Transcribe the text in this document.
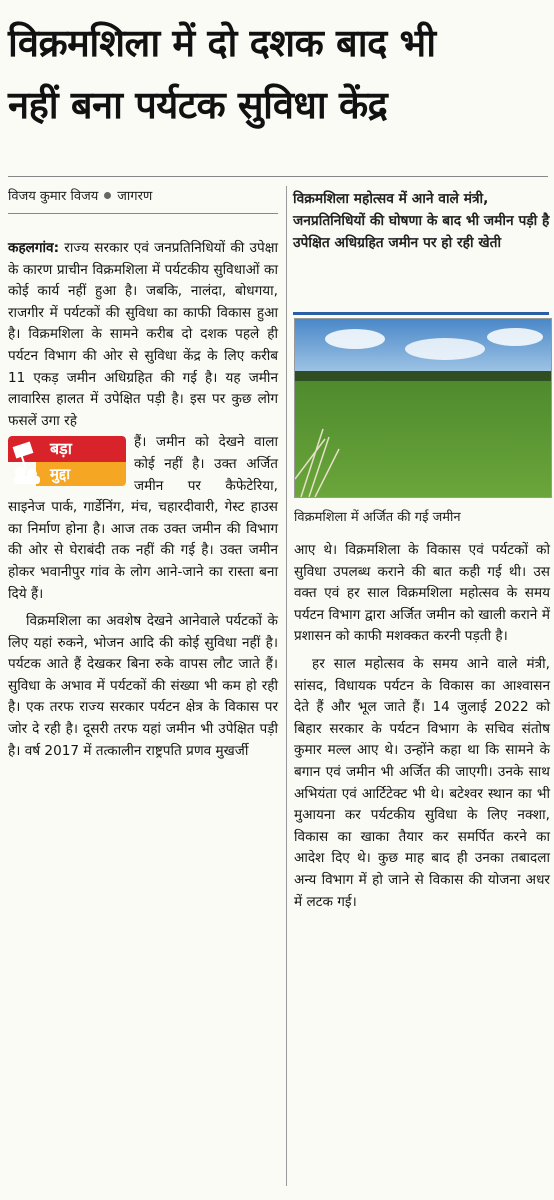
विक्रमशिला में दो दशक बाद भी
नहीं बना पर्यटक सुविधा केंद्र
विजय कुमार विजय जागरण

कहलगांव: राज्य सरकार एवं जनप्रतिनिधियों की उपेक्षा के कारण प्राचीन विक्रमशिला में पर्यटकीय सुविधाओं का कोई कार्य नहीं हुआ है। जबकि, नालंदा, बोधगया, राजगीर में पर्यटकों की सुविधा का काफी विकास हुआ है। विक्रमशिला के सामने करीब दो दशक पहले ही पर्यटन विभाग की ओर से सुविधा केंद्र के लिए करीब 11 एकड़ जमीन अधिग्रहित की गई है। यह जमीन लावारिस हालत में उपेक्षित पड़ी है। इस पर कुछ लोग फसलें उगा रहे

बड़ा
मुद्दा

हैं। जमीन को देखने वाला कोई नहीं है। उक्त अर्जित जमीन पर कैफेटेरिया, साइनेज पार्क, गार्डेनिंग, मंच, चहारदीवारी, गेस्ट हाउस का निर्माण होना है। आज तक उक्त जमीन की विभाग की ओर से घेराबंदी तक नहीं की गई है। उक्त जमीन होकर भवानीपुर गांव के लोग आने-जाने का रास्ता बना दिये हैं।

विक्रमशिला का अवशेष देखने आनेवाले पर्यटकों के लिए यहां रुकने, भोजन आदि की कोई सुविधा नहीं है। पर्यटक आते हैं देखकर बिना रुके वापस लौट जाते हैं। सुविधा के अभाव में पर्यटकों की संख्या भी कम हो रही है। एक तरफ राज्य सरकार पर्यटन क्षेत्र के विकास पर जोर दे रही है। दूसरी तरफ यहां जमीन भी उपेक्षित पड़ी है। वर्ष 2017 में तत्कालीन राष्ट्रपति प्रणव मुखर्जी

विक्रमशिला महोत्सव में आने वाले मंत्री, जनप्रतिनिधियों की घोषणा के बाद भी जमीन पड़ी है उपेक्षित अधिग्रहित जमीन पर हो रही खेती
विक्रमशिला में अर्जित की गई जमीन

आए थे। विक्रमशिला के विकास एवं पर्यटकों को सुविधा उपलब्ध कराने की बात कही गई थी। उस वक्त एवं हर साल विक्रमशिला महोत्सव के समय पर्यटन विभाग द्वारा अर्जित जमीन को खाली कराने में प्रशासन को काफी मशक्कत करनी पड़ती है।

हर साल महोत्सव के समय आने वाले मंत्री, सांसद, विधायक पर्यटन के विकास का आश्वासन देते हैं और भूल जाते हैं। 14 जुलाई 2022 को बिहार सरकार के पर्यटन विभाग के सचिव संतोष कुमार मल्ल आए थे। उन्होंने कहा था कि सामने के बगान एवं जमीन भी अर्जित की जाएगी। उनके साथ अभियंता एवं आर्टिटेक्ट भी थे। बटेश्वर स्थान का भी मुआयना कर पर्यटकीय सुविधा के लिए नक्शा, विकास का खाका तैयार कर समर्पित करने का आदेश दिए थे। कुछ माह बाद ही उनका तबादला अन्य विभाग में हो जाने से विकास की योजना अधर में लटक गई।
